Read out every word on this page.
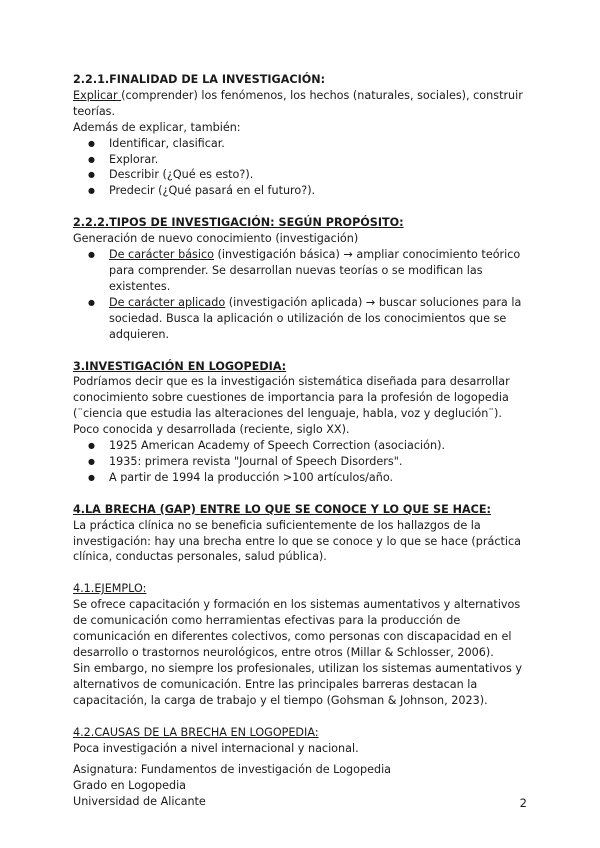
2.2.1.FINALIDAD DE LA INVESTIGACIÓN:

Explicar (comprender) los fenómenos, los hechos (naturales, sociales), construir teorías.

Además de explicar, también:

● Identificar, clasificar.
● Explorar.
● Describir (¿Qué es esto?).
● Predecir (¿Qué pasará en el futuro?).

2.2.2.TIPOS DE INVESTIGACIÓN: SEGÚN PROPÓSITO:

Generación de nuevo conocimiento (investigación)

● De carácter básico (investigación básica) → ampliar conocimiento teórico para comprender. Se desarrollan nuevas teorías o se modifican las existentes.
● De carácter aplicado (investigación aplicada) → buscar soluciones para la sociedad. Busca la aplicación o utilización de los conocimientos que se adquieren.

3.INVESTIGACIÓN EN LOGOPEDIA:

Podríamos decir que es la investigación sistemática diseñada para desarrollar conocimiento sobre cuestiones de importancia para la profesión de logopedia (¨ciencia que estudia las alteraciones del lenguaje, habla, voz y deglución¨).

Poco conocida y desarrollada (reciente, siglo XX).

● 1925 American Academy of Speech Correction (asociación).
● 1935: primera revista "Journal of Speech Disorders".
● A partir de 1994 la producción >100 artículos/año.

4.LA BRECHA (GAP) ENTRE LO QUE SE CONOCE Y LO QUE SE HACE:

La práctica clínica no se beneficia suficientemente de los hallazgos de la investigación: hay una brecha entre lo que se conoce y lo que se hace (práctica clínica, conductas personales, salud pública).

4.1.EJEMPLO:

Se ofrece capacitación y formación en los sistemas aumentativos y alternativos de comunicación como herramientas efectivas para la producción de comunicación en diferentes colectivos, como personas con discapacidad en el desarrollo o trastornos neurológicos, entre otros (Millar & Schlosser, 2006).

Sin embargo, no siempre los profesionales, utilizan los sistemas aumentativos y alternativos de comunicación. Entre las principales barreras destacan la capacitación, la carga de trabajo y el tiempo (Gohsman & Johnson, 2023).

4.2.CAUSAS DE LA BRECHA EN LOGOPEDIA:

Poca investigación a nivel internacional y nacional.

Asignatura: Fundamentos de investigación de Logopedia

Grado en Logopedia

Universidad de Alicante	2
